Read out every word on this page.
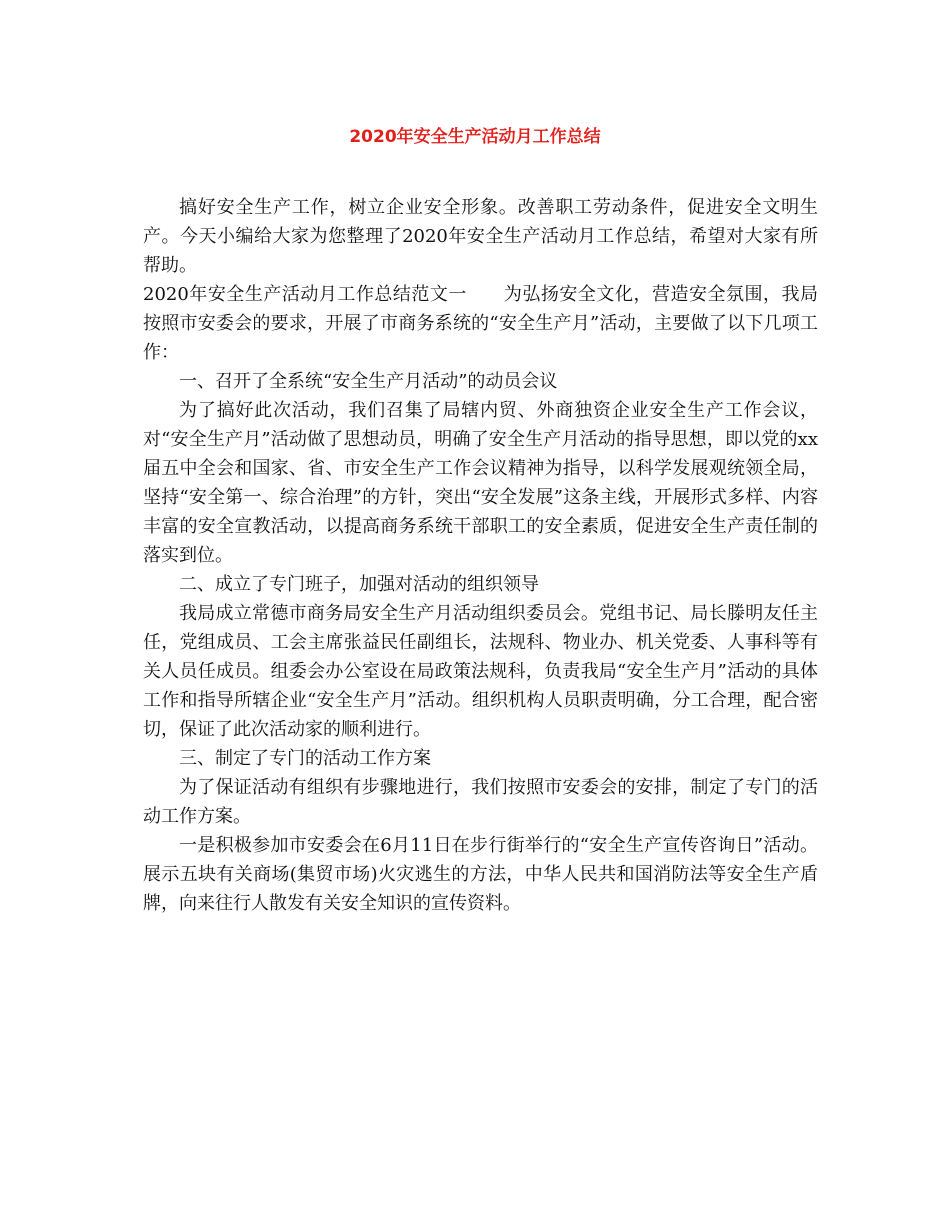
2020年安全生产活动月工作总结

搞好安全生产工作，树立企业安全形象。改善职工劳动条件，促进安全文明生产。今天小编给大家为您整理了2020年安全生产活动月工作总结，希望对大家有所帮助。

2020年安全生产活动月工作总结范文一　　为弘扬安全文化，营造安全氛围，我局按照市安委会的要求，开展了市商务系统的“安全生产月”活动，主要做了以下几项工作：

一、召开了全系统“安全生产月活动”的动员会议

为了搞好此次活动，我们召集了局辖内贸、外商独资企业安全生产工作会议，对“安全生产月”活动做了思想动员，明确了安全生产月活动的指导思想，即以党的xx届五中全会和国家、省、市安全生产工作会议精神为指导，以科学发展观统领全局，坚持“安全第一、综合治理”的方针，突出“安全发展”这条主线，开展形式多样、内容丰富的安全宣教活动，以提高商务系统干部职工的安全素质，促进安全生产责任制的落实到位。

二、成立了专门班子，加强对活动的组织领导

我局成立常德市商务局安全生产月活动组织委员会。党组书记、局长滕明友任主任，党组成员、工会主席张益民任副组长，法规科、物业办、机关党委、人事科等有关人员任成员。组委会办公室设在局政策法规科，负责我局“安全生产月”活动的具体工作和指导所辖企业“安全生产月”活动。组织机构人员职责明确，分工合理，配合密切，保证了此次活动家的顺利进行。

三、制定了专门的活动工作方案

为了保证活动有组织有步骤地进行，我们按照市安委会的安排，制定了专门的活动工作方案。

一是积极参加市安委会在6月11日在步行街举行的“安全生产宣传咨询日”活动。展示五块有关商场(集贸市场)火灾逃生的方法，中华人民共和国消防法等安全生产盾牌，向来往行人散发有关安全知识的宣传资料。
